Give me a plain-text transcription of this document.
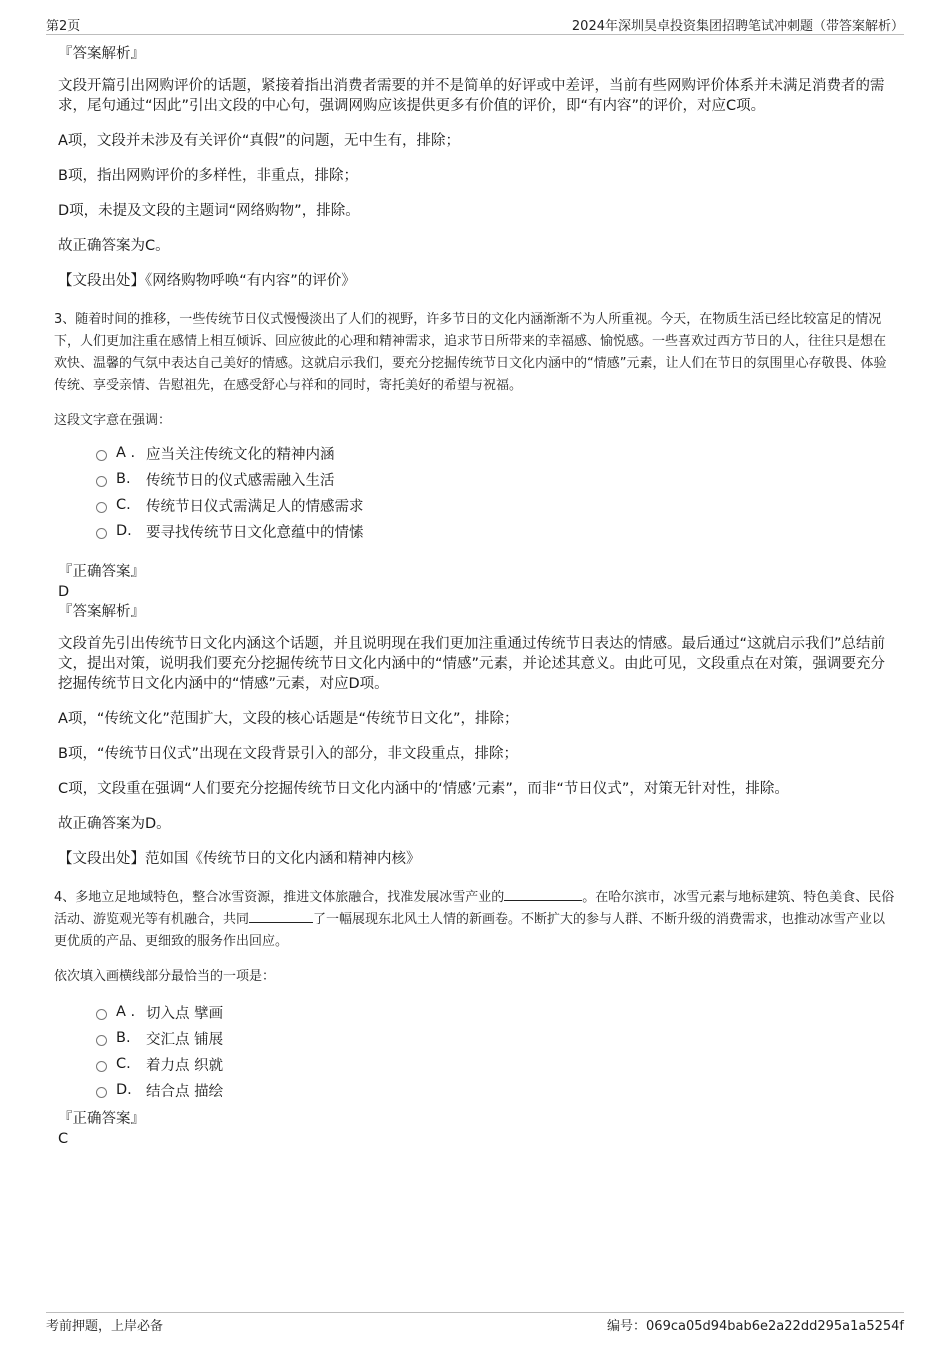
第2页	2024年深圳昊卓投资集团招聘笔试冲刺题（带答案解析）

『答案解析』

文段开篇引出网购评价的话题，紧接着指出消费者需要的并不是简单的好评或中差评，当前有些网购评价体系并未满足消费者的需求，尾句通过“因此”引出文段的中心句，强调网购应该提供更多有价值的评价，即“有内容”的评价，对应C项。

A项，文段并未涉及有关评价“真假”的问题，无中生有，排除；

B项，指出网购评价的多样性，非重点，排除；

D项，未提及文段的主题词“网络购物”，排除。

故正确答案为C。

【文段出处】《网络购物呼唤“有内容”的评价》

3、随着时间的推移，一些传统节日仪式慢慢淡出了人们的视野，许多节日的文化内涵渐渐不为人所重视。今天，在物质生活已经比较富足的情况下，人们更加注重在感情上相互倾诉、回应彼此的心理和精神需求，追求节日所带来的幸福感、愉悦感。一些喜欢过西方节日的人，往往只是想在欢快、温馨的气氛中表达自己美好的情感。这就启示我们，要充分挖掘传统节日文化内涵中的“情感”元素，让人们在节日的氛围里心存敬畏、体验传统、享受亲情、告慰祖先，在感受舒心与祥和的同时，寄托美好的希望与祝福。

这段文字意在强调：

A . 应当关注传统文化的精神内涵
B.	传统节日的仪式感需融入生活
C.	传统节日仪式需满足人的情感需求
D. 要寻找传统节日文化意蕴中的情愫

『正确答案』

D

『答案解析』

文段首先引出传统节日文化内涵这个话题，并且说明现在我们更加注重通过传统节日表达的情感。最后通过“这就启示我们”总结前文，提出对策，说明我们要充分挖掘传统节日文化内涵中的“情感”元素，并论述其意义。由此可见，文段重点在对策，强调要充分挖掘传统节日文化内涵中的“情感”元素，对应D项。

A项，“传统文化”范围扩大，文段的核心话题是“传统节日文化”，排除；

B项，“传统节日仪式”出现在文段背景引入的部分，非文段重点，排除；

C项，文段重在强调“人们要充分挖掘传统节日文化内涵中的‘情感’元素”，而非“节日仪式”，对策无针对性，排除。

故正确答案为D。

【文段出处】范如国《传统节日的文化内涵和精神内核》

4、多地立足地域特色，整合冰雪资源，推进文体旅融合，找准发展冰雪产业的	。在哈尔滨市，冰雪元素与地标建筑、特色美食、民俗活动、游览观光等有机融合，共同	了一幅展现东北风土人情的新画卷。不断扩大的参与人群、不断升级的消费需求，也推动冰雪产业以更优质的产品、更细致的服务作出回应。

依次填入画横线部分最恰当的一项是：

A . 切入点 擘画
B.	交汇点 铺展
C.	着力点 织就
D. 结合点 描绘

『正确答案』

C

考前押题，上岸必备	编号：069ca05d94bab6e2a22dd295a1a5254f
